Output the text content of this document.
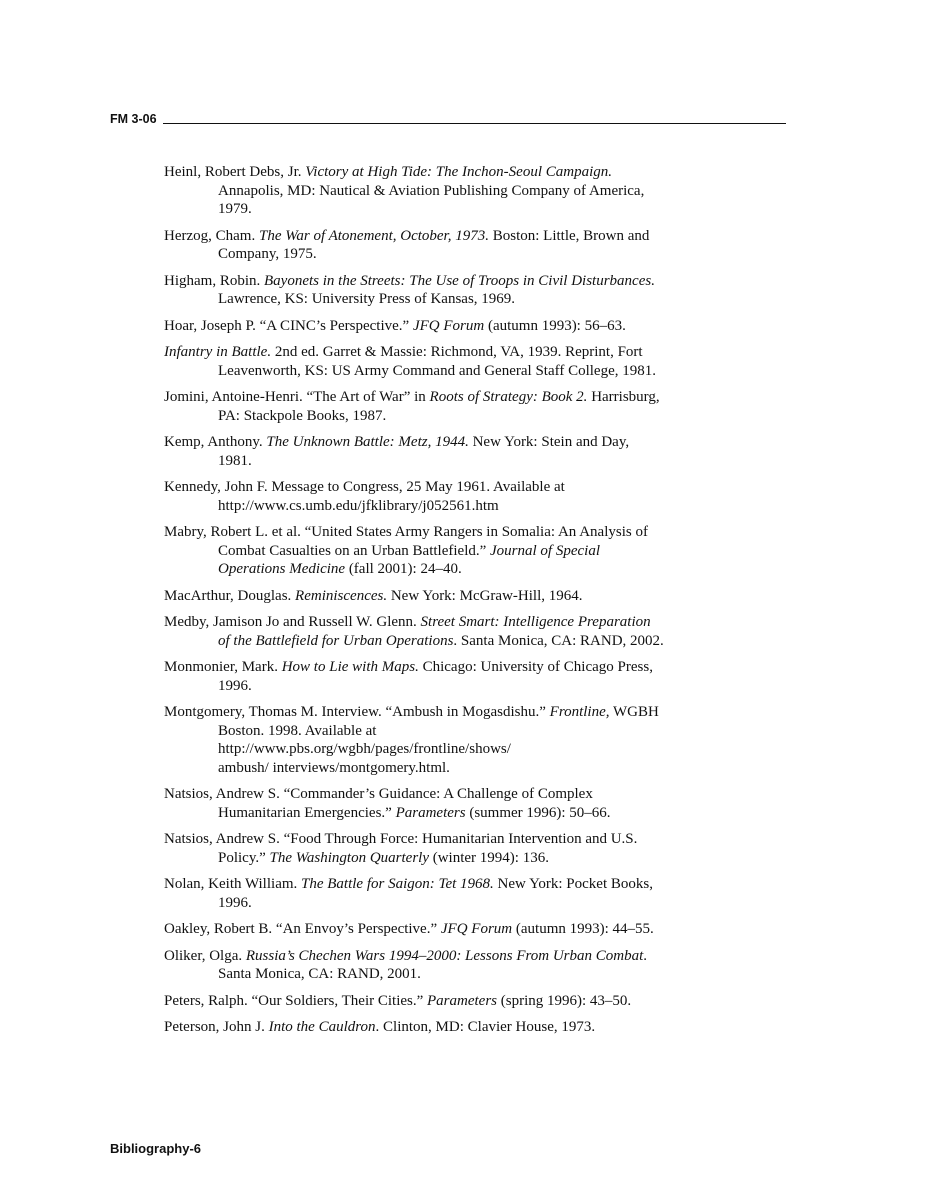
FM 3-06

Heinl, Robert Debs, Jr. Victory at High Tide: The Inchon-Seoul Campaign.
Annapolis, MD: Nautical & Aviation Publishing Company of America,
1979.

Herzog, Cham. The War of Atonement, October, 1973. Boston: Little, Brown and
Company, 1975.

Higham, Robin. Bayonets in the Streets: The Use of Troops in Civil Disturbances.
Lawrence, KS: University Press of Kansas, 1969.

Hoar, Joseph P. “A CINC’s Perspective.” JFQ Forum (autumn 1993): 56–63.

Infantry in Battle. 2nd ed. Garret & Massie: Richmond, VA, 1939. Reprint, Fort
Leavenworth, KS: US Army Command and General Staff College, 1981.

Jomini, Antoine-Henri. “The Art of War” in Roots of Strategy: Book 2. Harrisburg,
PA: Stackpole Books, 1987.

Kemp, Anthony. The Unknown Battle: Metz, 1944. New York: Stein and Day,
1981.

Kennedy, John F. Message to Congress, 25 May 1961. Available at
http://www.cs.umb.edu/jfklibrary/j052561.htm

Mabry, Robert L. et al. “United States Army Rangers in Somalia: An Analysis of
Combat Casualties on an Urban Battlefield.” Journal of Special
Operations Medicine (fall 2001): 24–40.

MacArthur, Douglas. Reminiscences. New York: McGraw-Hill, 1964.

Medby, Jamison Jo and Russell W. Glenn. Street Smart: Intelligence Preparation
of the Battlefield for Urban Operations. Santa Monica, CA: RAND, 2002.

Monmonier, Mark. How to Lie with Maps. Chicago: University of Chicago Press,
1996.

Montgomery, Thomas M. Interview. “Ambush in Mogasdishu.” Frontline, WGBH
Boston. 1998. Available at
http://www.pbs.org/wgbh/pages/frontline/shows/
ambush/ interviews/montgomery.html.

Natsios, Andrew S. “Commander’s Guidance: A Challenge of Complex
Humanitarian Emergencies.” Parameters (summer 1996): 50–66.

Natsios, Andrew S. “Food Through Force: Humanitarian Intervention and U.S.
Policy.” The Washington Quarterly (winter 1994): 136.

Nolan, Keith William. The Battle for Saigon: Tet 1968. New York: Pocket Books,
1996.

Oakley, Robert B. “An Envoy’s Perspective.” JFQ Forum (autumn 1993): 44–55.

Oliker, Olga. Russia’s Chechen Wars 1994–2000: Lessons From Urban Combat.
Santa Monica, CA: RAND, 2001.

Peters, Ralph. “Our Soldiers, Their Cities.” Parameters (spring 1996): 43–50.

Peterson, John J. Into the Cauldron. Clinton, MD: Clavier House, 1973.

Bibliography-6
